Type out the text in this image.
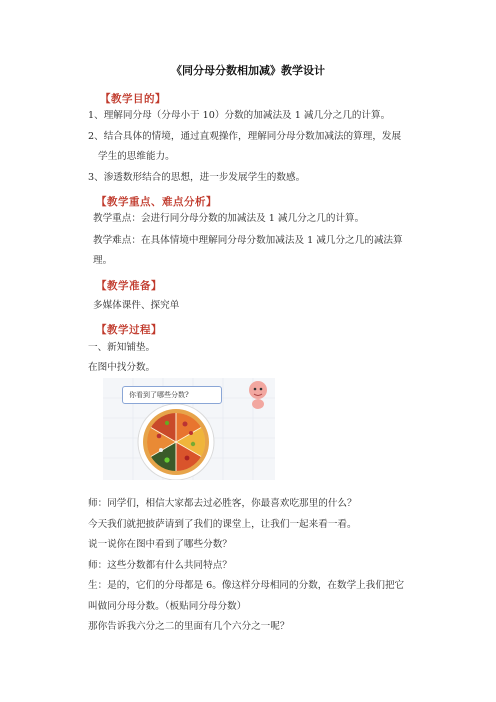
《同分母分数相加减》教学设计
【教学目的】
1、理解同分母（分母小于 10）分数的加减法及 1 减几分之几的计算。
2、结合具体的情境，通过直观操作，理解同分母分数加减法的算理，发展
学生的思维能力。
3、渗透数形结合的思想，进一步发展学生的数感。
【教学重点、难点分析】
教学重点：会进行同分母分数的加减法及 1 减几分之几的计算。
教学难点：在具体情境中理解同分母分数加减法及 1 减几分之几的减法算
理。
【教学准备】
多媒体课件、探究单
【教学过程】
一、新知铺垫。
在图中找分数。
你看到了哪些分数?
师：同学们，相信大家都去过必胜客，你最喜欢吃那里的什么？
今天我们就把披萨请到了我们的课堂上，让我们一起来看一看。
说一说你在图中看到了哪些分数？
师：这些分数都有什么共同特点？
生：是的，它们的分母都是 6。像这样分母相同的分数，在数学上我们把它
叫做同分母分数。（板贴同分母分数）
那你告诉我六分之二的里面有几个六分之一呢？
